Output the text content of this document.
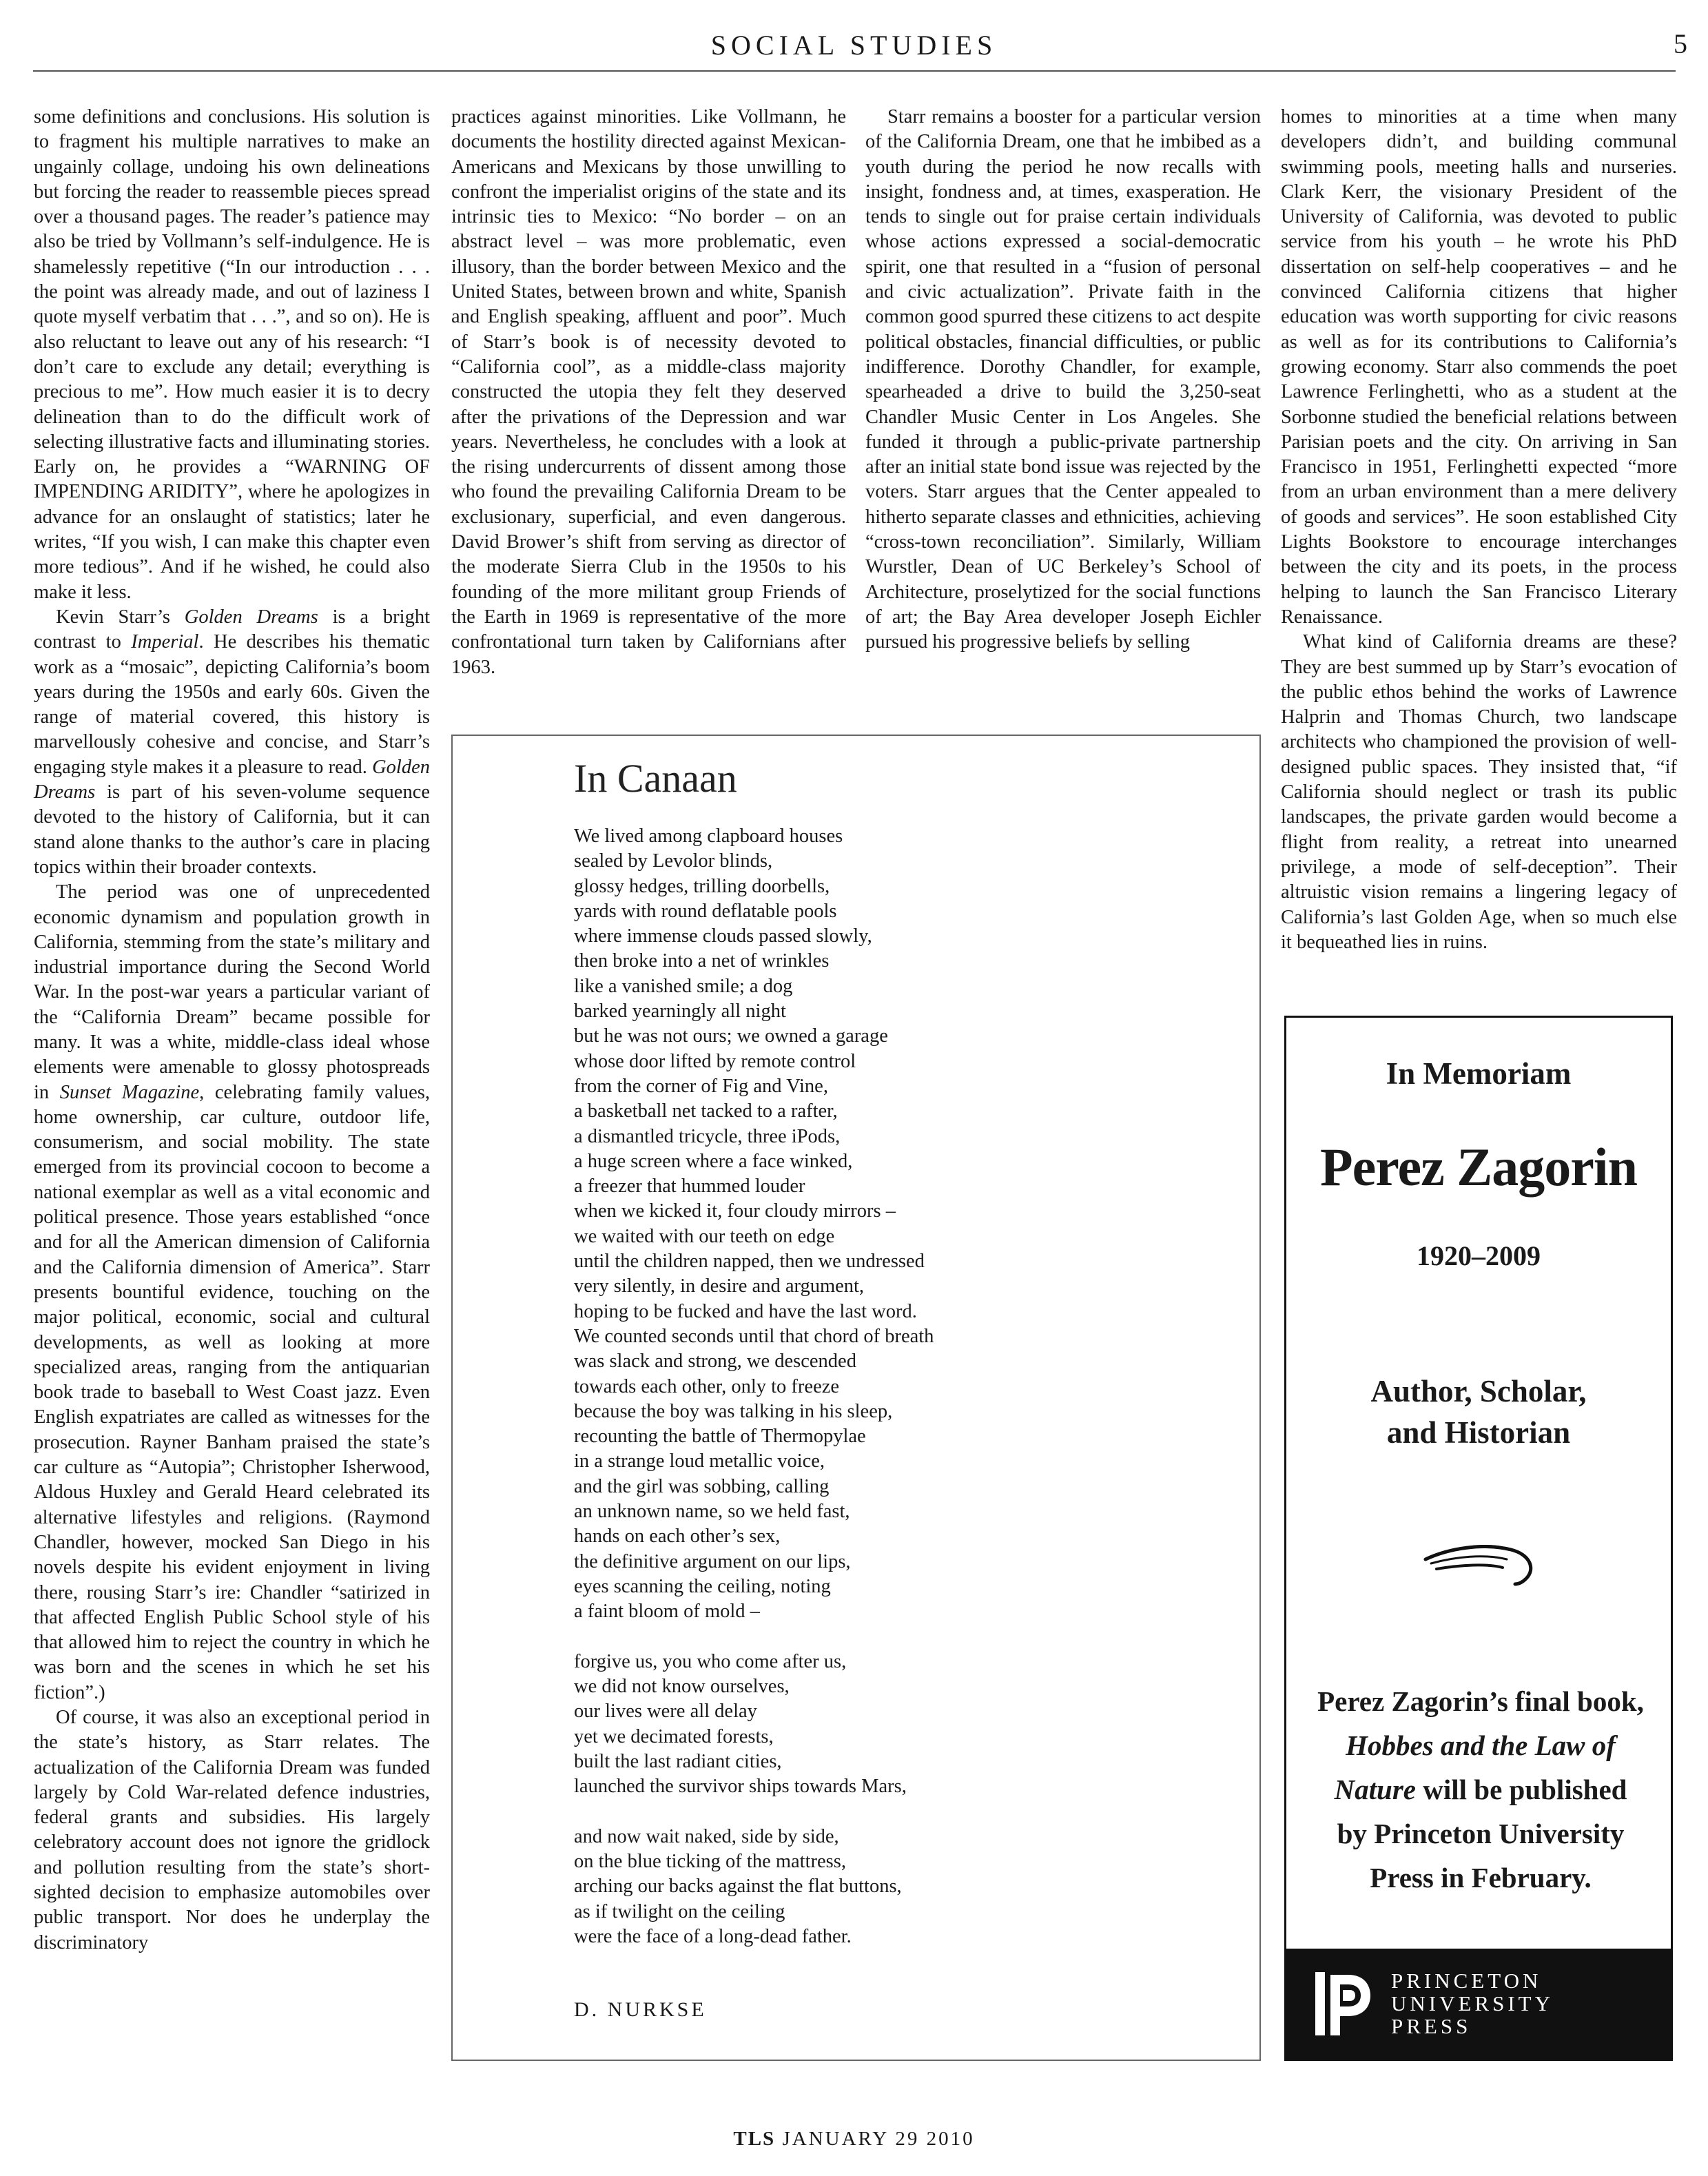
SOCIAL STUDIES	5

some definitions and conclusions. His solution is to fragment his multiple narratives to make an ungainly collage, undoing his own delineations but forcing the reader to reassemble pieces spread over a thousand pages. The reader’s patience may also be tried by Vollmann’s self-indulgence. He is shamelessly repetitive (“In our introduction . . . the point was already made, and out of laziness I quote myself verbatim that . . .”, and so on). He is also reluctant to leave out any of his research: “I don’t care to exclude any detail; everything is precious to me”. How much easier it is to decry delineation than to do the difficult work of selecting illustrative facts and illuminating stories. Early on, he provides a “WARNING OF IMPENDING ARIDITY”, where he apologizes in advance for an onslaught of statistics; later he writes, “If you wish, I can make this chapter even more tedious”. And if he wished, he could also make it less.

Kevin Starr’s Golden Dreams is a bright contrast to Imperial. He describes his thematic work as a “mosaic”, depicting California’s boom years during the 1950s and early 60s. Given the range of material covered, this history is marvellously cohesive and concise, and Starr’s engaging style makes it a pleasure to read. Golden Dreams is part of his seven-volume sequence devoted to the history of California, but it can stand alone thanks to the author’s care in placing topics within their broader contexts.

The period was one of unprecedented economic dynamism and population growth in California, stemming from the state’s military and industrial importance during the Second World War. In the post-war years a particular variant of the “California Dream” became possible for many. It was a white, middle-class ideal whose elements were amenable to glossy photospreads in Sunset Magazine, celebrating family values, home ownership, car culture, outdoor life, consumerism, and social mobility. The state emerged from its provincial cocoon to become a national exemplar as well as a vital economic and political presence. Those years established “once and for all the American dimension of California and the California dimension of America”. Starr presents bountiful evidence, touching on the major political, economic, social and cultural developments, as well as looking at more specialized areas, ranging from the antiquarian book trade to baseball to West Coast jazz. Even English expatriates are called as witnesses for the prosecution. Rayner Banham praised the state’s car culture as “Autopia”; Christopher Isherwood, Aldous Huxley and Gerald Heard celebrated its alternative lifestyles and religions. (Raymond Chandler, however, mocked San Diego in his novels despite his evident enjoyment in living there, rousing Starr’s ire: Chandler “satirized in that affected English Public School style of his that allowed him to reject the country in which he was born and the scenes in which he set his fiction”.)

Of course, it was also an exceptional period in the state’s history, as Starr relates. The actualization of the California Dream was funded largely by Cold War-related defence industries, federal grants and subsidies. His largely celebratory account does not ignore the gridlock and pollution resulting from the state’s short-sighted decision to emphasize automobiles over public transport. Nor does he underplay the discriminatory

practices against minorities. Like Vollmann, he documents the hostility directed against Mexican-Americans and Mexicans by those unwilling to confront the imperialist origins of the state and its intrinsic ties to Mexico: “No border – on an abstract level – was more problematic, even illusory, than the border between Mexico and the United States, between brown and white, Spanish and English speaking, affluent and poor”. Much of Starr’s book is of necessity devoted to “California cool”, as a middle-class majority constructed the utopia they felt they deserved after the privations of the Depression and war years. Nevertheless, he concludes with a look at the rising undercurrents of dissent among those who found the prevailing California Dream to be exclusionary, superficial, and even dangerous. David Brower’s shift from serving as director of the moderate Sierra Club in the 1950s to his founding of the more militant group Friends of the Earth in 1969 is representative of the more confrontational turn taken by Californians after 1963.

Starr remains a booster for a particular version of the California Dream, one that he imbibed as a youth during the period he now recalls with insight, fondness and, at times, exasperation. He tends to single out for praise certain individuals whose actions expressed a social-democratic spirit, one that resulted in a “fusion of personal and civic actualization”. Private faith in the common good spurred these citizens to act despite political obstacles, financial difficulties, or public indifference. Dorothy Chandler, for example, spearheaded a drive to build the 3,250-seat Chandler Music Center in Los Angeles. She funded it through a public-private partnership after an initial state bond issue was rejected by the voters. Starr argues that the Center appealed to hitherto separate classes and ethnicities, achieving “cross-town reconciliation”. Similarly, William Wurstler, Dean of UC Berkeley’s School of Architecture, proselytized for the social functions of art; the Bay Area developer Joseph Eichler pursued his progressive beliefs by selling

homes to minorities at a time when many developers didn’t, and building communal swimming pools, meeting halls and nurseries. Clark Kerr, the visionary President of the University of California, was devoted to public service from his youth – he wrote his PhD dissertation on self-help cooperatives – and he convinced California citizens that higher education was worth supporting for civic reasons as well as for its contributions to California’s growing economy. Starr also commends the poet Lawrence Ferlinghetti, who as a student at the Sorbonne studied the beneficial relations between Parisian poets and the city. On arriving in San Francisco in 1951, Ferlinghetti expected “more from an urban environment than a mere delivery of goods and services”. He soon established City Lights Bookstore to encourage interchanges between the city and its poets, in the process helping to launch the San Francisco Literary Renaissance.

What kind of California dreams are these? They are best summed up by Starr’s evocation of the public ethos behind the works of Lawrence Halprin and Thomas Church, two landscape architects who championed the provision of well-designed public spaces. They insisted that, “if California should neglect or trash its public landscapes, the private garden would become a flight from reality, a retreat into unearned privilege, a mode of self-deception”. Their altruistic vision remains a lingering legacy of California’s last Golden Age, when so much else it bequeathed lies in ruins.

In Canaan
We lived among clapboard houses
sealed by Levolor blinds,
glossy hedges, trilling doorbells,
yards with round deflatable pools
where immense clouds passed slowly,
then broke into a net of wrinkles
like a vanished smile; a dog
barked yearningly all night
but he was not ours; we owned a garage
whose door lifted by remote control
from the corner of Fig and Vine,
a basketball net tacked to a rafter,
a dismantled tricycle, three iPods,
a huge screen where a face winked,
a freezer that hummed louder
when we kicked it, four cloudy mirrors –
we waited with our teeth on edge
until the children napped, then we undressed
very silently, in desire and argument,
hoping to be fucked and have the last word.
We counted seconds until that chord of breath
was slack and strong, we descended
towards each other, only to freeze
because the boy was talking in his sleep,
recounting the battle of Thermopylae
in a strange loud metallic voice,
and the girl was sobbing, calling
an unknown name, so we held fast,
hands on each other’s sex,
the definitive argument on our lips,
eyes scanning the ceiling, noting
a faint bloom of mold –
forgive us, you who come after us,
we did not know ourselves,
our lives were all delay
yet we decimated forests,
built the last radiant cities,
launched the survivor ships towards Mars,
and now wait naked, side by side,
on the blue ticking of the mattress,
arching our backs against the flat buttons,
as if twilight on the ceiling
were the face of a long-dead father.
D. NURKSE
In Memoriam
Perez Zagorin
1920–2009
Author, Scholar,
and Historian
Perez Zagorin’s final book,
Hobbes and the Law of
Nature will be published
by Princeton University
Press in February.
PRINCETON
UNIVERSITY
PRESS
TLS JANUARY 29 2010
